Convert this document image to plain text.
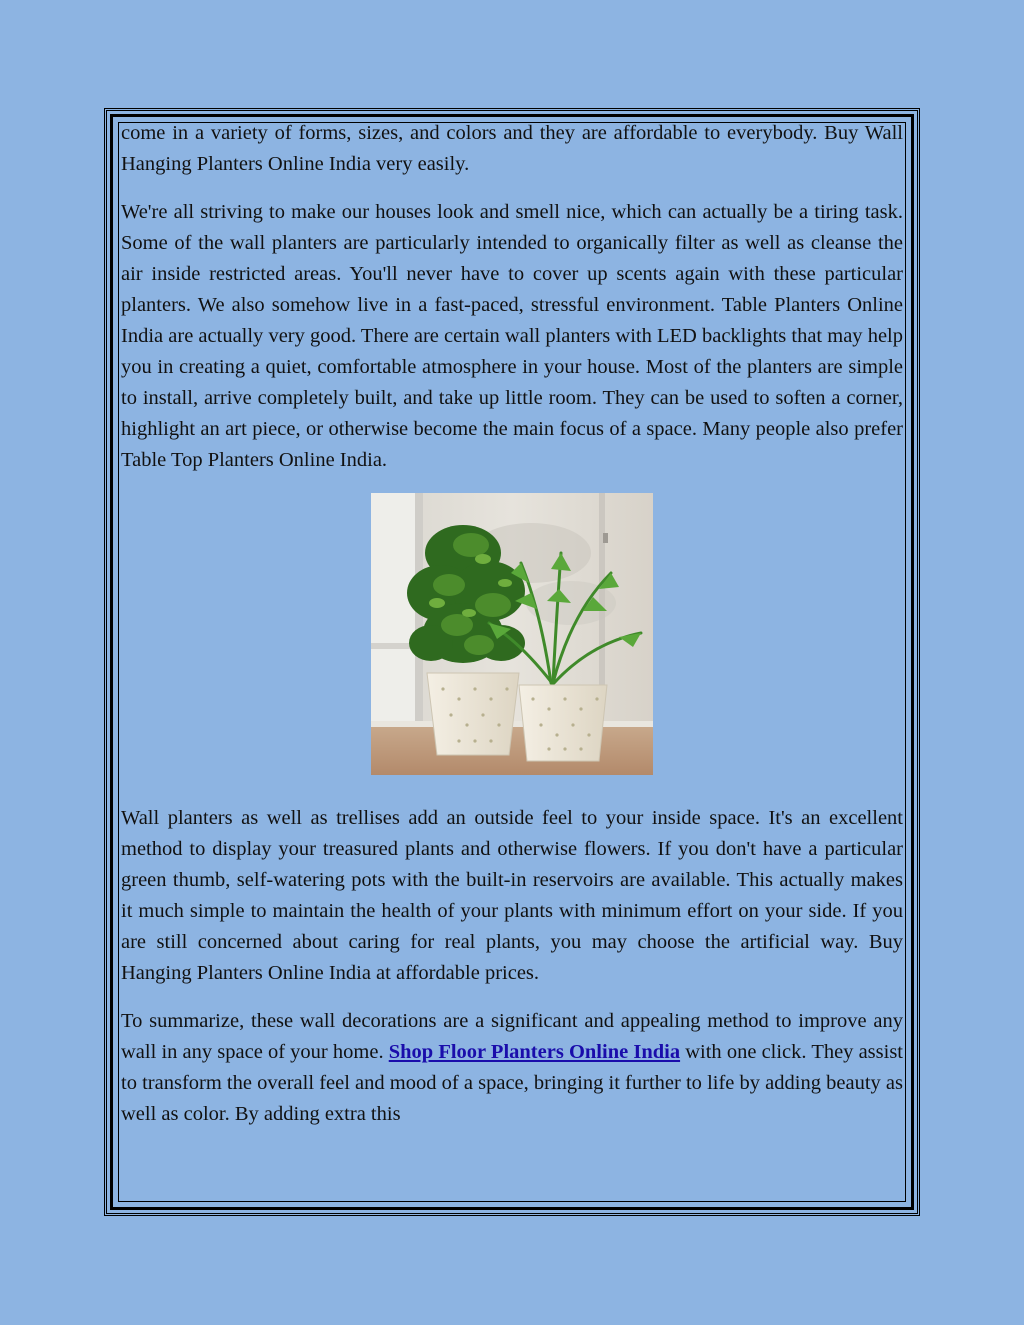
come in a variety of forms, sizes, and colors and they are affordable to everybody. Buy Wall Hanging Planters Online India very easily.

We're all striving to make our houses look and smell nice, which can actually be a tiring task. Some of the wall planters are particularly intended to organically filter as well as cleanse the air inside restricted areas. You'll never have to cover up scents again with these particular planters. We also somehow live in a fast-paced, stressful environment. Table Planters Online India are actually very good. There are certain wall planters with LED backlights that may help you in creating a quiet, comfortable atmosphere in your house. Most of the planters are simple to install, arrive completely built, and take up little room. They can be used to soften a corner, highlight an art piece, or otherwise become the main focus of a space. Many people also prefer Table Top Planters Online India.

Wall planters as well as trellises add an outside feel to your inside space. It's an excellent method to display your treasured plants and otherwise flowers. If you don't have a particular green thumb, self-watering pots with the built-in reservoirs are available. This actually makes it much simple to maintain the health of your plants with minimum effort on your side. If you are still concerned about caring for real plants, you may choose the artificial way. Buy Hanging Planters Online India at affordable prices.

To summarize, these wall decorations are a significant and appealing method to improve any wall in any space of your home. Shop Floor Planters Online India with one click. They assist to transform the overall feel and mood of a space, bringing it further to life by adding beauty as well as color. By adding extra this
